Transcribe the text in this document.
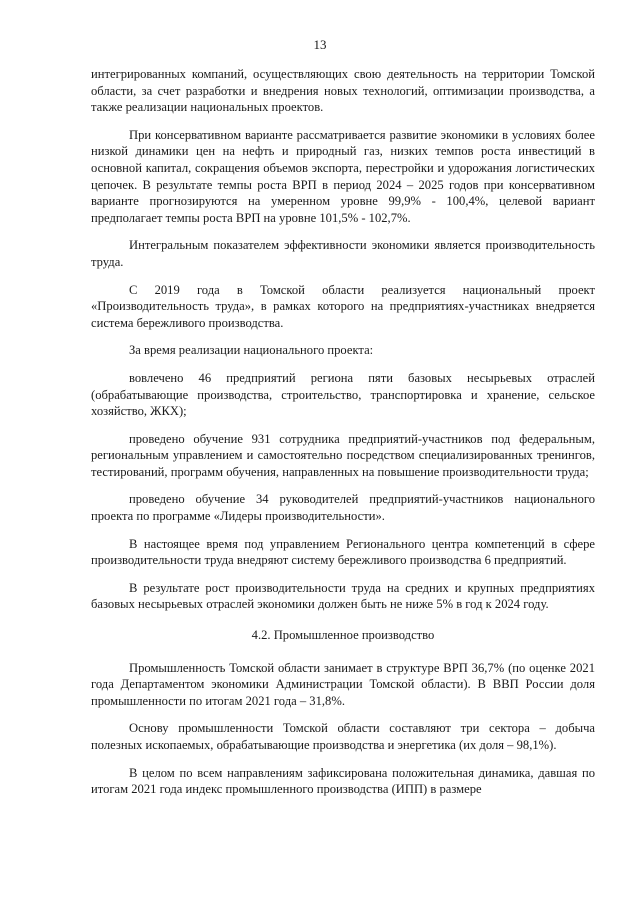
13

интегрированных компаний, осуществляющих свою деятельность на территории Томской области, за счет разработки и внедрения новых технологий, оптимизации производства, а также реализации национальных проектов.

При консервативном варианте рассматривается развитие экономики в условиях более низкой динамики цен на нефть и природный газ, низких темпов роста инвестиций в основной капитал, сокращения объемов экспорта, перестройки и удорожания логистических цепочек. В результате темпы роста ВРП в период 2024 – 2025 годов при консервативном варианте прогнозируются на умеренном уровне 99,9% - 100,4%, целевой вариант предполагает темпы роста ВРП на уровне 101,5% - 102,7%.

Интегральным показателем эффективности экономики является производительность труда.

С 2019 года в Томской области реализуется национальный проект «Производительность труда», в рамках которого на предприятиях-участниках внедряется система бережливого производства.

За время реализации национального проекта:

вовлечено 46 предприятий региона пяти базовых несырьевых отраслей (обрабатывающие производства, строительство, транспортировка и хранение, сельское хозяйство, ЖКХ);

проведено обучение 931 сотрудника предприятий-участников под федеральным, региональным управлением и самостоятельно посредством специализированных тренингов, тестирований, программ обучения, направленных на повышение производительности труда;

проведено обучение 34 руководителей предприятий-участников национального проекта по программе «Лидеры производительности».

В настоящее время под управлением Регионального центра компетенций в сфере производительности труда внедряют систему бережливого производства 6 предприятий.

В результате рост производительности труда на средних и крупных предприятиях базовых несырьевых отраслей экономики должен быть не ниже 5% в год к 2024 году.

4.2. Промышленное производство

Промышленность Томской области занимает в структуре ВРП 36,7% (по оценке 2021 года Департаментом экономики Администрации Томской области). В ВВП России доля промышленности по итогам 2021 года – 31,8%.

Основу промышленности Томской области составляют три сектора – добыча полезных ископаемых, обрабатывающие производства и энергетика (их доля – 98,1%).

В целом по всем направлениям зафиксирована положительная динамика, давшая по итогам 2021 года индекс промышленного производства (ИПП) в размере
